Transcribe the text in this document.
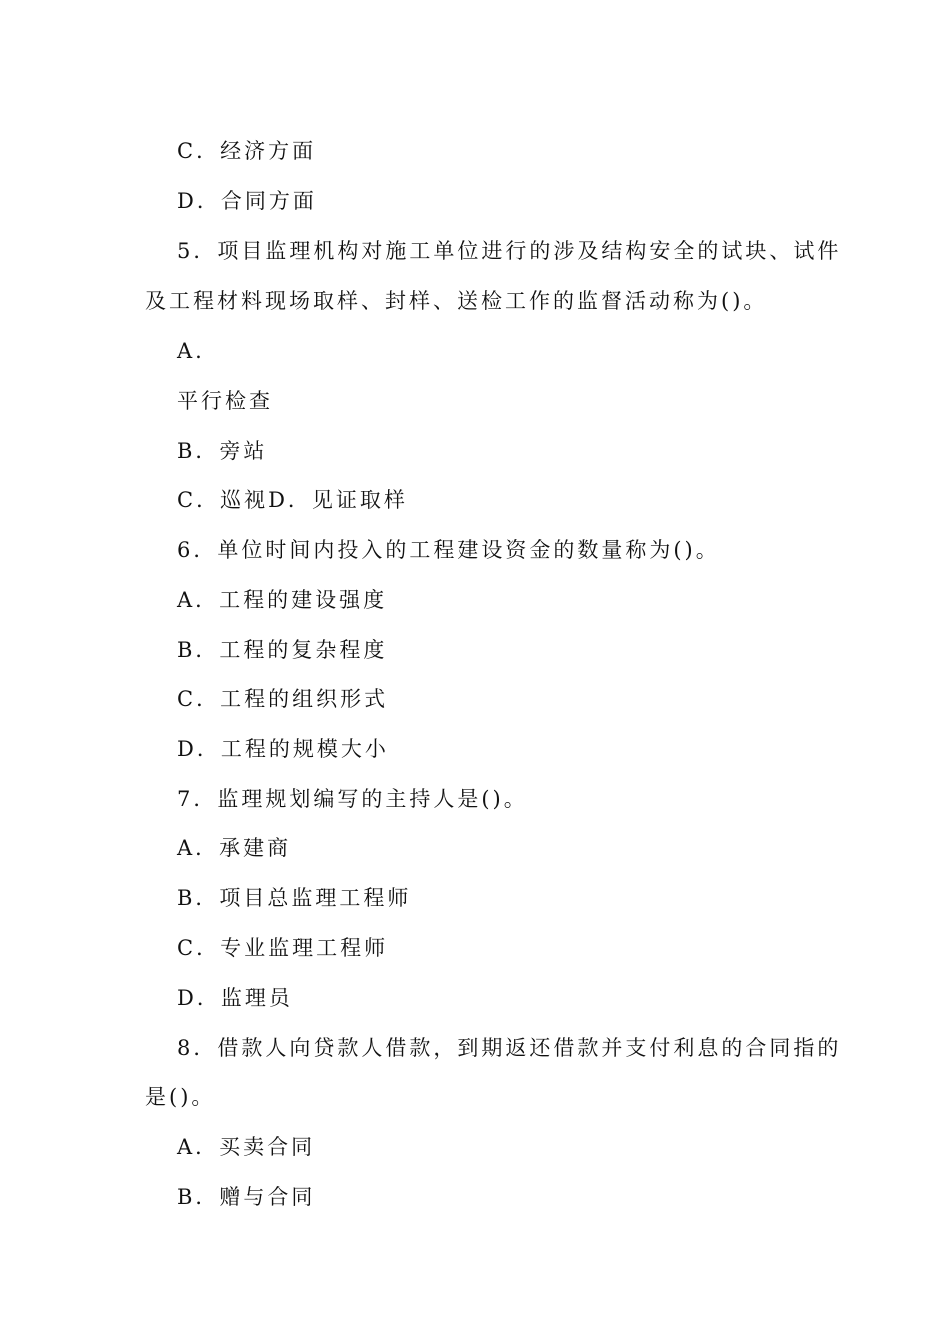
C．经济方面
D．合同方面
5．项目监理机构对施工单位进行的涉及结构安全的试块、试件
及工程材料现场取样、封样、送检工作的监督活动称为()。
A.
平行检查
B．旁站
C．巡视D．见证取样
6．单位时间内投入的工程建设资金的数量称为()。
A．工程的建设强度
B．工程的复杂程度
C．工程的组织形式
D．工程的规模大小
7．监理规划编写的主持人是()。
A．承建商
B．项目总监理工程师
C．专业监理工程师
D．监理员
8．借款人向贷款人借款，到期返还借款并支付利息的合同指的
是()。
A．买卖合同
B．赠与合同
